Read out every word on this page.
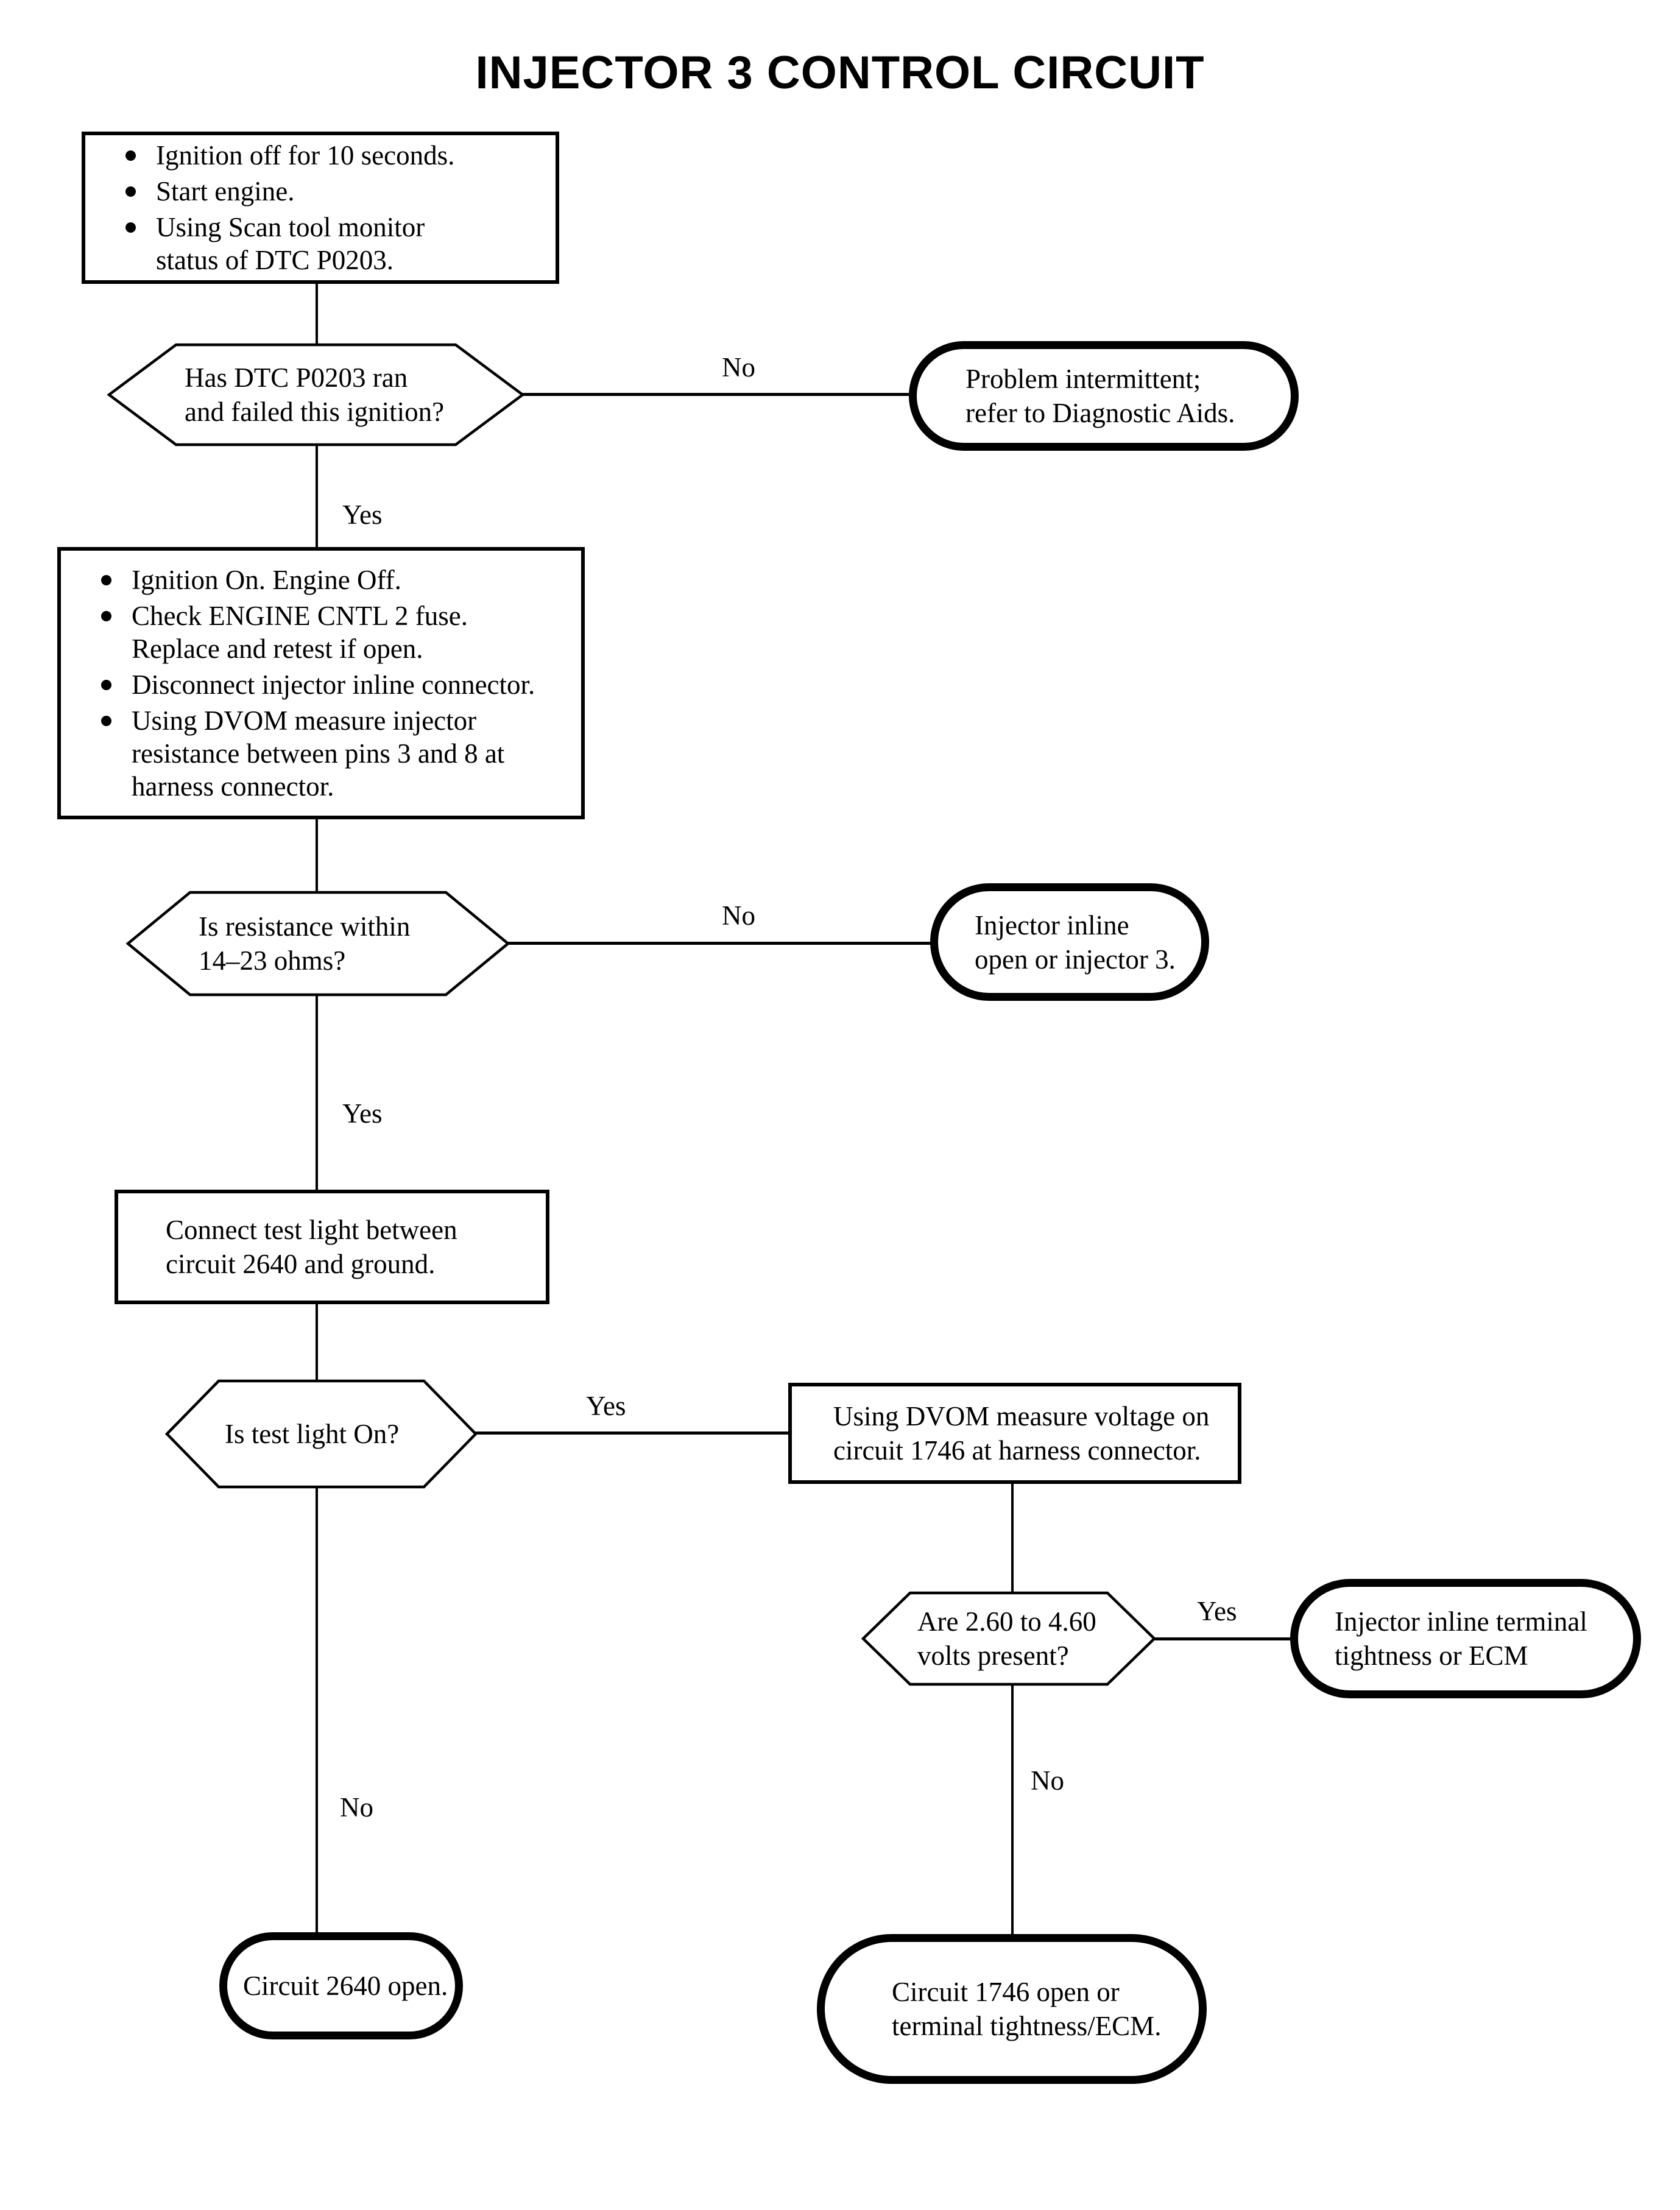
INJECTOR 3 CONTROL CIRCUIT
No
Yes
No
Yes
Yes
Yes
No
No
Ignition off for 10 seconds.
Start engine.
Using Scan tool monitor
status of DTC P0203.
Has DTC P0203 ran
and failed this ignition?
Problem intermittent;
refer to Diagnostic Aids.
Ignition On. Engine Off.
Check ENGINE CNTL 2 fuse.
Replace and retest if open.
Disconnect injector inline connector.
Using DVOM measure injector
resistance between pins 3 and 8 at
harness connector.
Is resistance within
14–23 ohms?
Injector inline
open or injector 3.
Connect test light between
circuit 2640 and ground.
Is test light On?
Using DVOM measure voltage on
circuit 1746 at harness connector.
Are 2.60 to 4.60
volts present?
Injector inline terminal
tightness or ECM
Circuit 2640 open.	Circuit 1746 open or
terminal tightness/ECM.
